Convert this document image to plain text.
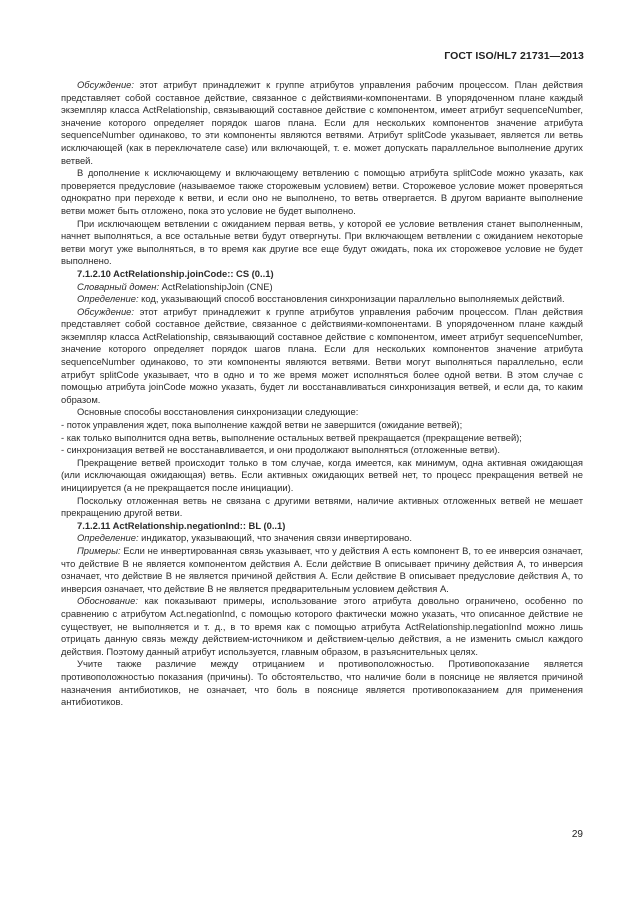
ГОСТ ISO/HL7 21731—2013

Обсуждение: этот атрибут принадлежит к группе атрибутов управления рабочим процессом. План действия представляет собой составное действие, связанное с действиями-компонентами. В упорядоченном плане каждый экземпляр класса ActRelationship, связывающий составное действие с компонентом, имеет атрибут sequenceNumber, значение которого определяет порядок шагов плана. Если для нескольких компонентов значение атрибута sequenceNumber одинаково, то эти компоненты являются ветвями. Атрибут splitCode указывает, является ли ветвь исключающей (как в переключателе case) или включающей, т. е. может допускать параллельное выполнение других ветвей.

В дополнение к исключающему и включающему ветвлению с помощью атрибута splitCode можно указать, как проверяется предусловие (называемое также сторожевым условием) ветви. Сторожевое условие может проверяться однократно при переходе к ветви, и если оно не выполнено, то ветвь отвергается. В другом варианте выполнение ветви может быть отложено, пока это условие не будет выполнено.

При исключающем ветвлении с ожиданием первая ветвь, у которой ее условие ветвления станет выполненным, начнет выполняться, а все остальные ветви будут отвергнуты. При включающем ветвлении с ожиданием некоторые ветви могут уже выполняться, в то время как другие все еще будут ожидать, пока их сторожевое условие не будет выполнено.

7.1.2.10 ActRelationship.joinCode:: CS (0..1)

Словарный домен: ActRelationshipJoin (CNE)

Определение: код, указывающий способ восстановления синхронизации параллельно выполняемых действий.

Обсуждение: этот атрибут принадлежит к группе атрибутов управления рабочим процессом. План действия представляет собой составное действие, связанное с действиями-компонентами. В упорядоченном плане каждый экземпляр класса ActRelationship, связывающий составное действие с компонентом, имеет атрибут sequenceNumber, значение которого определяет порядок шагов плана. Если для нескольких компонентов значение атрибута sequenceNumber одинаково, то эти компоненты являются ветвями. Ветви могут выполняться параллельно, если атрибут splitCode указывает, что в одно и то же время может исполняться более одной ветви. В этом случае с помощью атрибута joinCode можно указать, будет ли восстанавливаться синхронизация ветвей, и если да, то каким образом.

Основные способы восстановления синхронизации следующие:

- поток управления ждет, пока выполнение каждой ветви не завершится (ожидание ветвей);

- как только выполнится одна ветвь, выполнение остальных ветвей прекращается (прекращение ветвей);

- синхронизация ветвей не восстанавливается, и они продолжают выполняться (отложенные ветви).

Прекращение ветвей происходит только в том случае, когда имеется, как минимум, одна активная ожидающая (или исключающая ожидающая) ветвь. Если активных ожидающих ветвей нет, то процесс прекращения ветвей не инициируется (а не прекращается после инициации).

Поскольку отложенная ветвь не связана с другими ветвями, наличие активных отложенных ветвей не мешает прекращению другой ветви.

7.1.2.11 ActRelationship.negationInd:: BL (0..1)

Определение: индикатор, указывающий, что значения связи инвертировано.

Примеры: Если не инвертированная связь указывает, что у действия А есть компонент В, то ее инверсия означает, что действие В не является компонентом действия А. Если действие В описывает причину действия А, то инверсия означает, что действие В не является причиной действия А. Если действие В описывает предусловие действия А, то инверсия означает, что действие В не является предварительным условием действия А.

Обоснование: как показывают примеры, использование этого атрибута довольно ограничено, особенно по сравнению с атрибутом Act.negationInd, с помощью которого фактически можно указать, что описанное действие не существует, не выполняется и т. д., в то время как с помощью атрибута ActRelationship.negationInd можно лишь отрицать данную связь между действием-источником и действием-целью действия, а не изменить смысл каждого действия. Поэтому данный атрибут используется, главным образом, в разъяснительных целях.

Учите также различие между отрицанием и противоположностью. Противопоказание является противоположностью показания (причины). То обстоятельство, что наличие боли в пояснице не является причиной назначения антибиотиков, не означает, что боль в пояснице является противопоказанием для применения антибиотиков.

29
